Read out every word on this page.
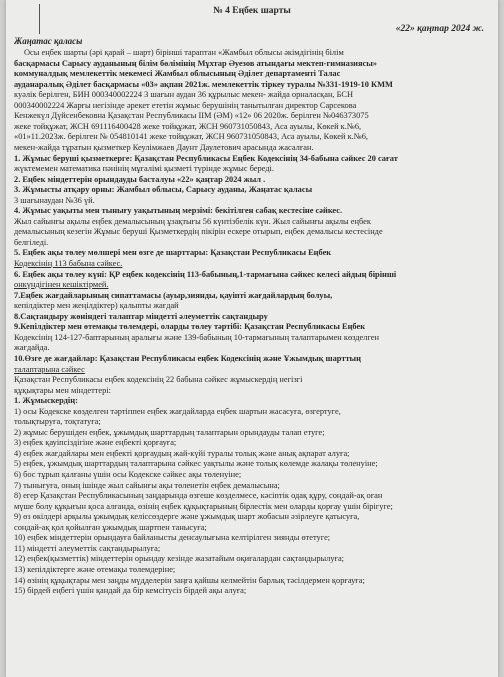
№ 4 Еңбек шарты
«22» қаңтар 2024 ж.
Жаңатас қаласы
Осы еңбек шарты (әрі қарай – шарт) бірінші тараптан «Жамбыл облысы әкімдігінің білім
басқармасы Сарысу ауданының білім бөлімінің Мұхтар Әуезов атындағы мектеп-гимназиясы»
коммуналдық мемлекеттік мекемесі Жамбыл облысының Әділет департаменті Талас
ауданаралық Әділет басқармасы «03» ақпан 2021ж. мемлекеттік тіркеу туралы №331-1919-10 КММ
куәлік берілген, БИН 000340002224 3 шағын аудан 36 құрылыс мекен- жайда орналасқан, БСН
000340002224 Жарғы негізінде әрекет ететін жұмыс берушінің танытылған директор Сарсекова
Кенжекүл Дүйсенбековна Қазақстан Республикасы ІІМ (ӘМ) «12» 06 2020ж. берілген №046373075
жеке тойқұжат, ЖСН 691116400428 жеке тойқұжат, ЖСН 960731050843, Асa ауылы, Көкей к.№6,
«01»11.2023ж. берілген № 054810141 жеке тойқұжат, ЖСН 960731050843, Асa ауылы, Көкей к.№6,
мекен-жайда тұратын қызметкер Кеулімжаев Даунт Даулетович арасында жасалған.
1. Жұмыс беруші қызметкерге: Қазақстан Республикасы Еңбек Кодексінің 34-бабына сәйкес 20 сағат
жүктемемен математика пәнінің мұғалімі қызметі түрінде жұмыс береді.
2. Еңбек міндеттерін орындауды басталуы «22» қаңтар 2024 жыл .
3. Жұмысты атқару орны: Жамбыл облысы, Сарысу ауданы, Жаңатас қаласы
3 шағынаудан №36 үй.
4. Жұмыс уақыты мен тынығу уақытының мерзімі: бекітілген сабақ кестесіне сәйкес.
Жыл сайынғы ақылы еңбек демалысының ұзақтығы 56 күнтізбелік күн. Жыл сайынғы ақылы еңбек
демалысының кезегін Жұмыс беруші Қызметкердің пікірін ескере отырып, еңбек демалысы кестесінде
белгіледі.
5. Еңбек ақы төлеу мөлшері мен өзге де шарттары: Қазақстан Республикасы Еңбек
Кодексінің 113 бабына сәйкес.
6. Еңбек ақы төлеу күні: ҚР еңбек кодексінің 113-бабының,1-тармағына сәйкес келесі айдың бірінші
онкүндігінен кешіктірмей.
7.Еңбек жағдайларының сипаттамасы (ауыр,зиянды, қауіпті жағдайлардың болуы,
кепілдіктер мен жеңілдіктер) қалыпты жағдай
8.Сақтандыру жөніндегі талаптар міндетті әлеуметтік сақтандыру
9.Кепілдіктер мен өтемақы төлемдері, оларды төлеу тәртібі: Қазақстан Республикасы Еңбек
Кодексінің 124-127-баптарының аралығы және 139-бабының 10-тармағының талаптарымен көзделген
жағдайда.
10.Өзге де жағдайлар: Қазақстан Республикасы еңбек Кодексінің және Ұжымдық шарттың
талаптарына сәйкес
Қазақстан Республикасы еңбек кодексінің 22 бабына сәйкес жұмыскердің негізгі
құқықтары мен міндеттері:
1. Жұмыскердің:
1) осы Кодекске көзделген тәртіппен еңбек жағдайларда еңбек шартын жасасуға, өзгертуге,
толықтыруға, тоқтатуға;
2) жұмыс берушіден еңбек, ұжымдық шарттардың талаптарын орындауды талап етуге;
3) еңбек қауіпсіздігіне және еңбекті қорғауға;
4) еңбек жағдайлары мен еңбекті қорғаудың жай-күйі туралы толық және анық ақпарат алуға;
5) еңбек, ұжымдық шарттардың талаптарына сәйкес уақтылы және толық көлемде жалақы төленуіне;
6) бос тұрып қалғаны үшін осы Кодекске сәйкес ақы төленуіне;
7) тынығуға, оның ішінде жыл сайынғы ақы төленетін еңбек демалысына;
8) егер Қазақстан Республикасының заңдарында өзгеше көзделмесе, кәсіптік одақ құру, сондай-ақ оған
мүше болу құқығын қоса алғанда, өзінің еңбек құқықтарының бірлестік мен оларды қорғау үшін бірігуге;
9) өз өкілдері арқылы ұжымдық келіссөздерге және ұжымдық шарт жобасын әзірлеуге қатысуға,
сондай-ақ қол қойылған ұжымдық шартпен танысуға;
10) еңбек міндеттерін орындауға байланысты денсаулығына келтірілген зиянды өтетуге;
11) міндетті әлеуметтік сақтандырылуға;
12) еңбек(қызметтік) міндеттерін орындау кезінде жазатайым оқиғалардан сақтандырылуға;
13) кепілдіктерге және өтемақы төлемдеріне;
14) өзінің құқықтары мен заңды мүдделерін заңға қайшы келмейтін барлық тәсілдермен қорғауға;
15) бірдей еңбегі үшін қандай да бір кемсітусіз бірдей ақы алуға;
